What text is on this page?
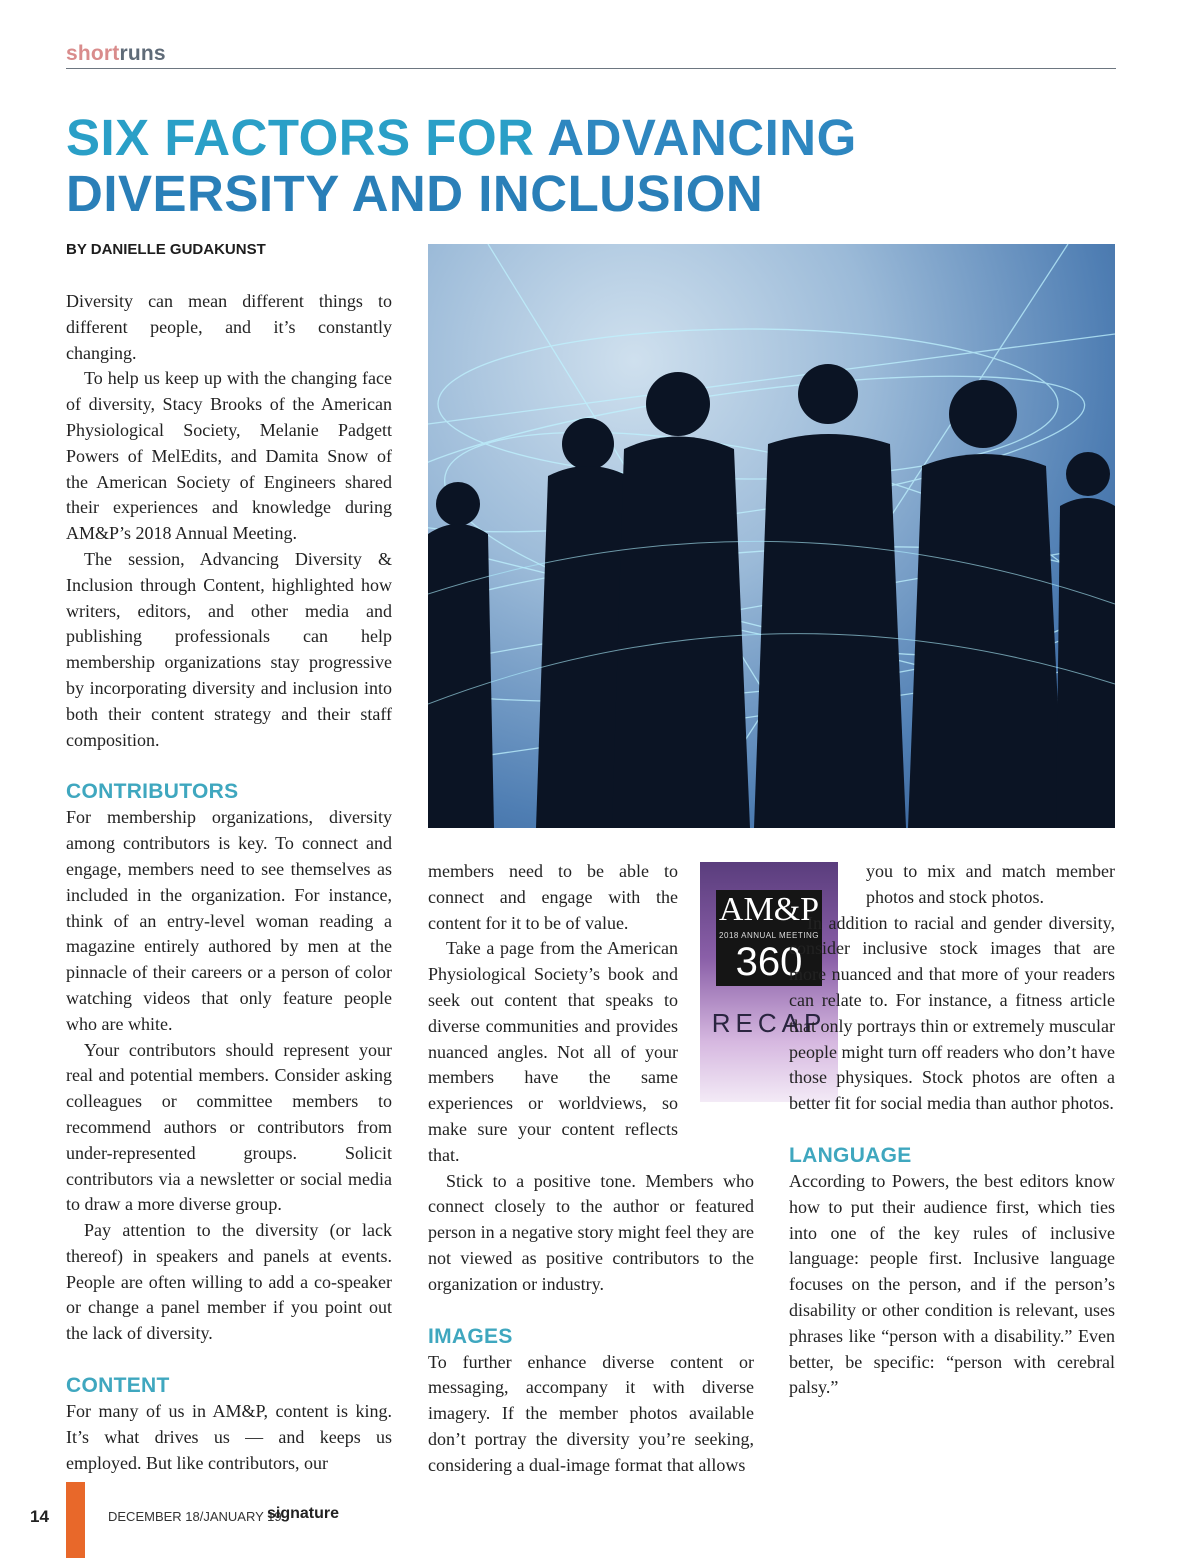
shortruns
SIX FACTORS FOR ADVANCING
DIVERSITY AND INCLUSION
BY DANIELLE GUDAKUNST

Diversity can mean different things to different people, and it’s constantly changing.

To help us keep up with the changing face of diversity, Stacy Brooks of the American Physiological Society, Melanie Padgett Powers of MelEdits, and Damita Snow of the American Society of Engineers shared their experiences and knowledge during AM&P’s 2018 Annual Meeting.

The session, Advancing Diversity & Inclusion through Content, highlighted how writers, editors, and other media and publishing professionals can help membership organizations stay progressive by incorporating diversity and inclusion into both their content strategy and their staff composition.

CONTRIBUTORS

For membership organizations, diversity among contributors is key. To connect and engage, members need to see themselves as included in the organization. For instance, think of an entry-level woman reading a magazine entirely authored by men at the pinnacle of their careers or a person of color watching videos that only feature people who are white.

Your contributors should represent your real and potential members. Consider asking colleagues or committee members to recommend authors or contributors from under-represented groups. Solicit contributors via a newsletter or social media to draw a more diverse group.

Pay attention to the diversity (or lack thereof) in speakers and panels at events. People are often willing to add a co-speaker or change a panel member if you point out the lack of diversity.

CONTENT

For many of us in AM&P, content is king. It’s what drives us — and keeps us employed. But like contributors, our

AM&P
2018 ANNUAL MEETING
360
RECAP

members need to be able to connect and engage with the content for it to be of value.

Take a page from the American Physiological Society’s book and seek out content that speaks to diverse communities and provides nuanced angles. Not all of your members have the same experiences or worldviews, so make sure your content reflects that.

Stick to a positive tone. Members who connect closely to the author or featured person in a negative story might feel they are not viewed as positive contributors to the organization or industry.

IMAGES

To further enhance diverse content or messaging, accompany it with diverse imagery. If the member photos available don’t portray the diversity you’re seeking, considering a dual-image format that allows

you to mix and match member photos and stock photos.

In addition to racial and gender diversity, consider inclusive stock images that are more nuanced and that more of your readers can relate to. For instance, a fitness article that only portrays thin or extremely muscular people might turn off readers who don’t have those physiques. Stock photos are often a better fit for social media than author photos.

LANGUAGE

According to Powers, the best editors know how to put their audience first, which ties into one of the key rules of inclusive language: people first. Inclusive language focuses on the person, and if the person’s disability or other condition is relevant, uses phrases like “person with a disability.” Even better, be specific: “person with cerebral palsy.”

14	DECEMBER 18/JANUARY 19
signature
